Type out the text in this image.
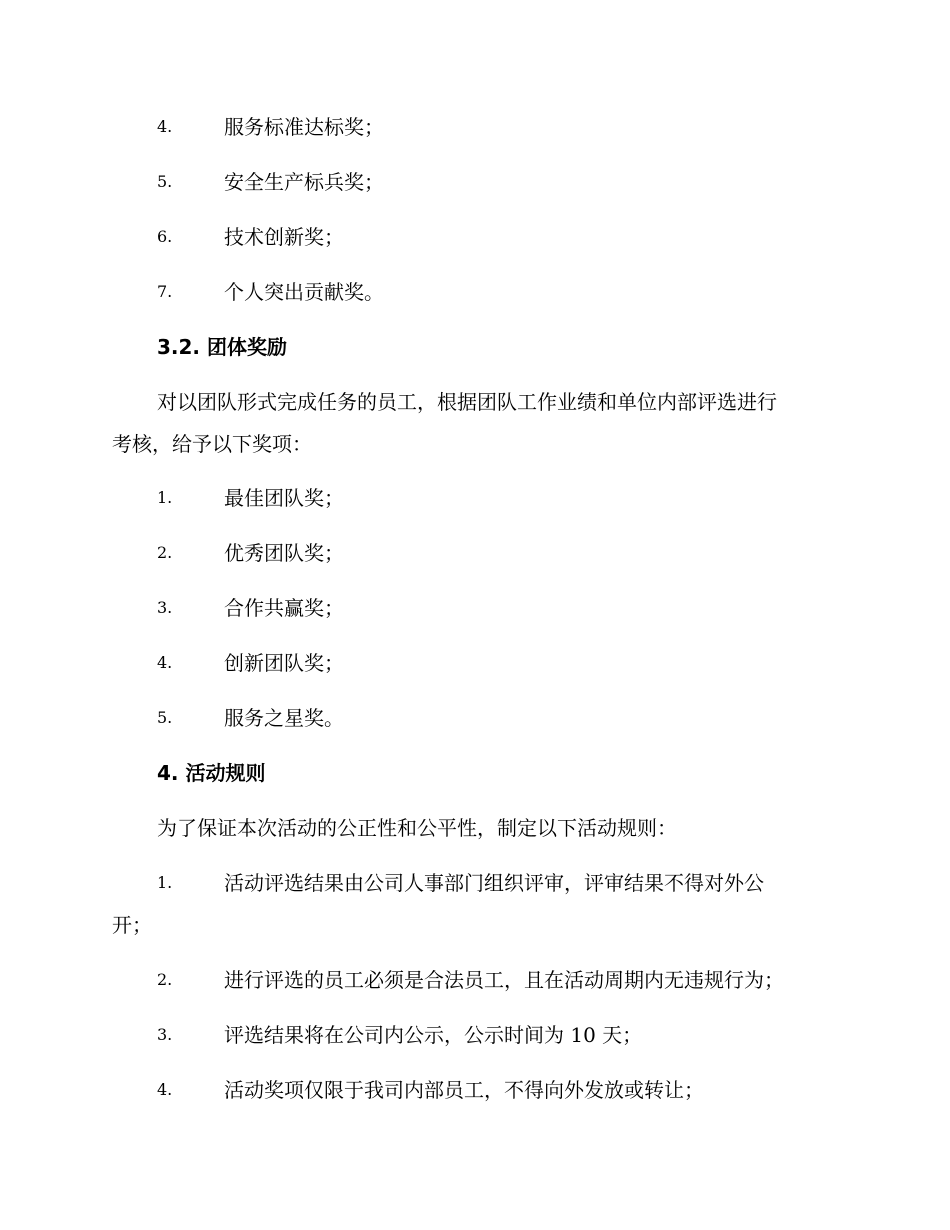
4.	服务标准达标奖；
5.	安全生产标兵奖；
6.	技术创新奖；
7.	个人突出贡献奖。
3.2. 团体奖励
对以团队形式完成任务的员工，根据团队工作业绩和单位内部评选进行
考核，给予以下奖项：
1.	最佳团队奖；
2.	优秀团队奖；
3.	合作共赢奖；
4.	创新团队奖；
5.	服务之星奖。
4. 活动规则
为了保证本次活动的公正性和公平性，制定以下活动规则：
1.	活动评选结果由公司人事部门组织评审，评审结果不得对外公
开；
2.	进行评选的员工必须是合法员工，且在活动周期内无违规行为；
3.	评选结果将在公司内公示，公示时间为 10 天；
4.	活动奖项仅限于我司内部员工，不得向外发放或转让；
